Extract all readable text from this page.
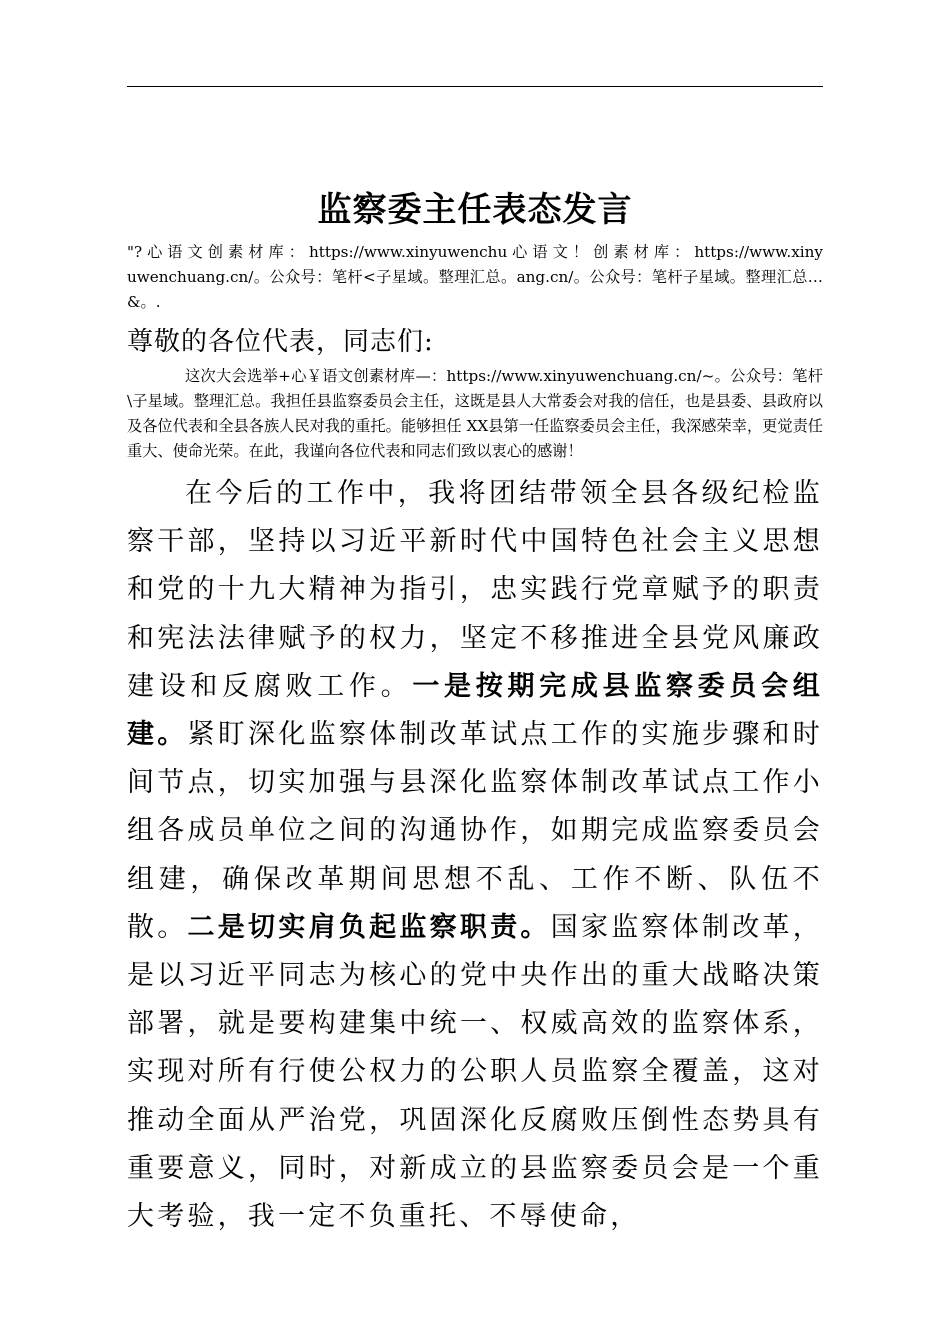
监察委主任表态发言
"? 心 语 文 创 素 材 库 ： https://www.xinyuwenchu 心 语 文 ！ 创 素 材 库 ： https://www.xinyuwenchuang.cn/。公众号：笔杆<子星域。整理汇总。ang.cn/。公众号：笔杆子星域。整理汇总…&。.
尊敬的各位代表，同志们:
这次大会选举+心￥语文创素材库—：https://www.xinyuwenchuang.cn/~。公众号：笔杆\子星域。整理汇总。我担任县监察委员会主任，这既是县人大常委会对我的信任，也是县委、县政府以及各位代表和全县各族人民对我的重托。能够担任 XX县第一任监察委员会主任，我深感荣幸，更觉责任重大、使命光荣。在此，我谨向各位代表和同志们致以衷心的感谢！
在今后的工作中，我将团结带领全县各级纪检监察干部，坚持以习近平新时代中国特色社会主义思想和党的十九大精神为指引，忠实践行党章赋予的职责和宪法法律赋予的权力，坚定不移推进全县党风廉政建设和反腐败工作。一是按期完成县监察委员会组建。紧盯深化监察体制改革试点工作的实施步骤和时间节点，切实加强与县深化监察体制改革试点工作小组各成员单位之间的沟通协作，如期完成监察委员会组建，确保改革期间思想不乱、工作不断、队伍不散。二是切实肩负起监察职责。国家监察体制改革，是以习近平同志为核心的党中央作出的重大战略决策部署，就是要构建集中统一、权威高效的监察体系，实现对所有行使公权力的公职人员监察全覆盖，这对推动全面从严治党，巩固深化反腐败压倒性态势具有重要意义，同时，对新成立的县监察委员会是一个重大考验，我一定不负重托、不辱使命，
